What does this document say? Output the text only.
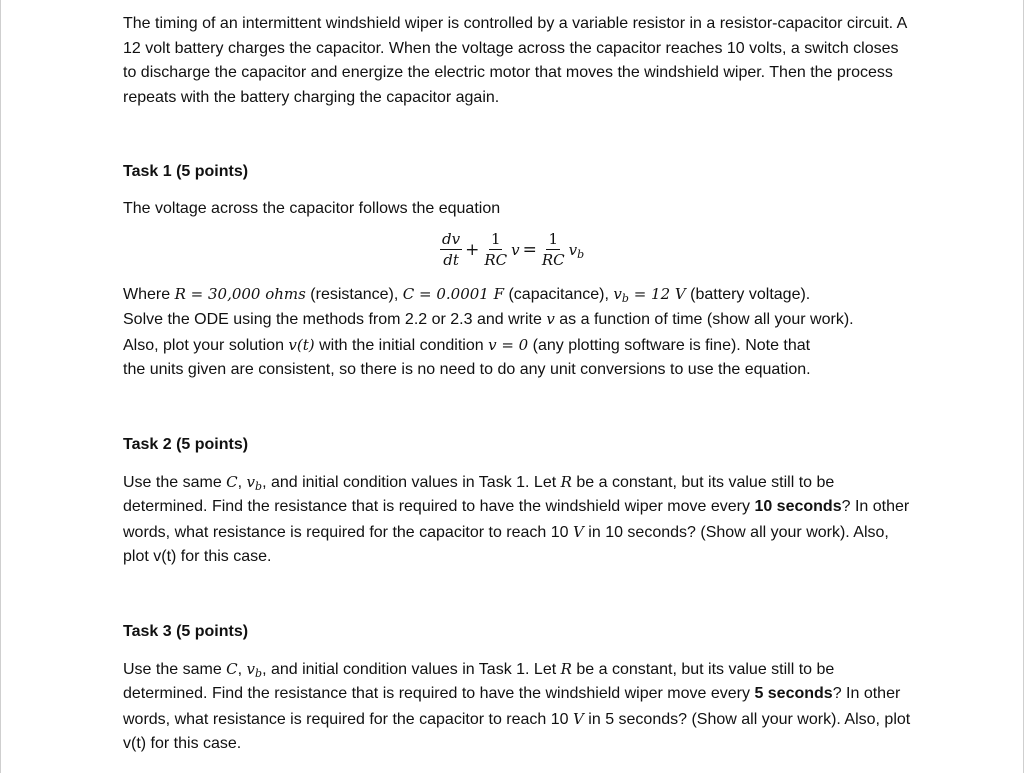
The timing of an intermittent windshield wiper is controlled by a variable resistor in a resistor-capacitor circuit. A 12 volt battery charges the capacitor. When the voltage across the capacitor reaches 10 volts, a switch closes to discharge the capacitor and energize the electric motor that moves the windshield wiper. Then the process repeats with the battery charging the capacitor again.

Task 1 (5 points)

The voltage across the capacitor follows the equation

$\frac{dv}{dt} + \frac{1}{RC}$ $v = \frac{1}{RC} v_b$

Where R = 30,000 ohms (resistance), C = 0.0001 F (capacitance), $v_b = 12$ V (battery voltage).
Solve the ODE using the methods from 2.2 or 2.3 and write v as a function of time (show all your work).
Also, plot your solution v(t) with the initial condition v = 0 (any plotting software is fine). Note that
the units given are consistent, so there is no need to do any unit conversions to use the equation.

Task 2 (5 points)

Use the same C, $v_b$, and initial condition values in Task 1. Let R be a constant, but its value still to be determined. Find the resistance that is required to have the windshield wiper move every 10 seconds? In other words, what resistance is required for the capacitor to reach 10 V in 10 seconds? (Show all your work). Also, plot v(t) for this case.

Task 3 (5 points)

Use the same C, $v_b$, and initial condition values in Task 1. Let R be a constant, but its value still to be determined. Find the resistance that is required to have the windshield wiper move every 5 seconds? In other words, what resistance is required for the capacitor to reach 10 V in 5 seconds? (Show all your work). Also, plot v(t) for this case.
